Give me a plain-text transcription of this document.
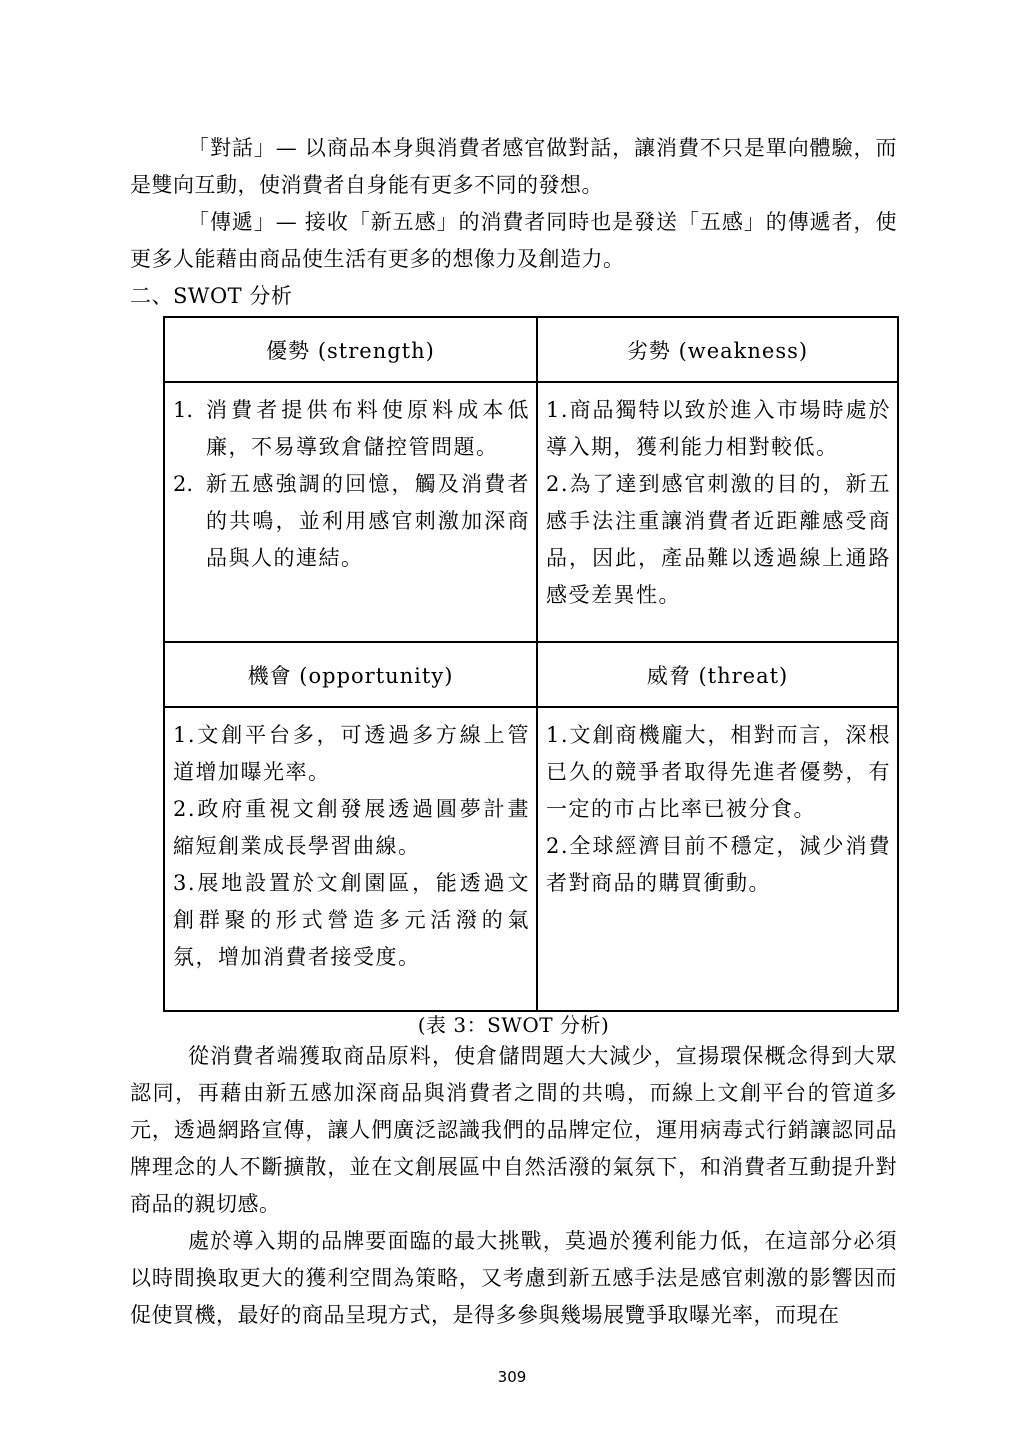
「對話」— 以商品本身與消費者感官做對話，讓消費不只是單向體驗，而是雙向互動，使消費者自身能有更多不同的發想。

「傳遞」— 接收「新五感」的消費者同時也是發送「五感」的傳遞者，使更多人能藉由商品使生活有更多的想像力及創造力。

二、SWOT 分析
優勢 (strength)	劣勢 (weakness)

1. 消費者提供布料使原料成本低廉，不易導致倉儲控管問題。
2. 新五感強調的回憶，觸及消費者的共鳴，並利用感官刺激加深商品與人的連結。

1.商品獨特以致於進入市場時處於導入期，獲利能力相對較低。
2.為了達到感官刺激的目的，新五感手法注重讓消費者近距離感受商品，因此，產品難以透過線上通路感受差異性。

機會 (opportunity)	威脅 (threat)

1.文創平台多，可透過多方線上管道增加曝光率。
2.政府重視文創發展透過圓夢計畫縮短創業成長學習曲線。
3.展地設置於文創園區，能透過文創群聚的形式營造多元活潑的氣氛，增加消費者接受度。

1.文創商機龐大，相對而言，深根已久的競爭者取得先進者優勢，有一定的市占比率已被分食。
2.全球經濟目前不穩定，減少消費者對商品的購買衝動。
(表 3：SWOT 分析)

從消費者端獲取商品原料，使倉儲問題大大減少，宣揚環保概念得到大眾認同，再藉由新五感加深商品與消費者之間的共鳴，而線上文創平台的管道多元，透過網路宣傳，讓人們廣泛認識我們的品牌定位，運用病毒式行銷讓認同品牌理念的人不斷擴散，並在文創展區中自然活潑的氣氛下，和消費者互動提升對商品的親切感。

處於導入期的品牌要面臨的最大挑戰，莫過於獲利能力低，在這部分必須以時間換取更大的獲利空間為策略，又考慮到新五感手法是感官刺激的影響因而促使買機，最好的商品呈現方式，是得多參與幾場展覽爭取曝光率，而現在

309
